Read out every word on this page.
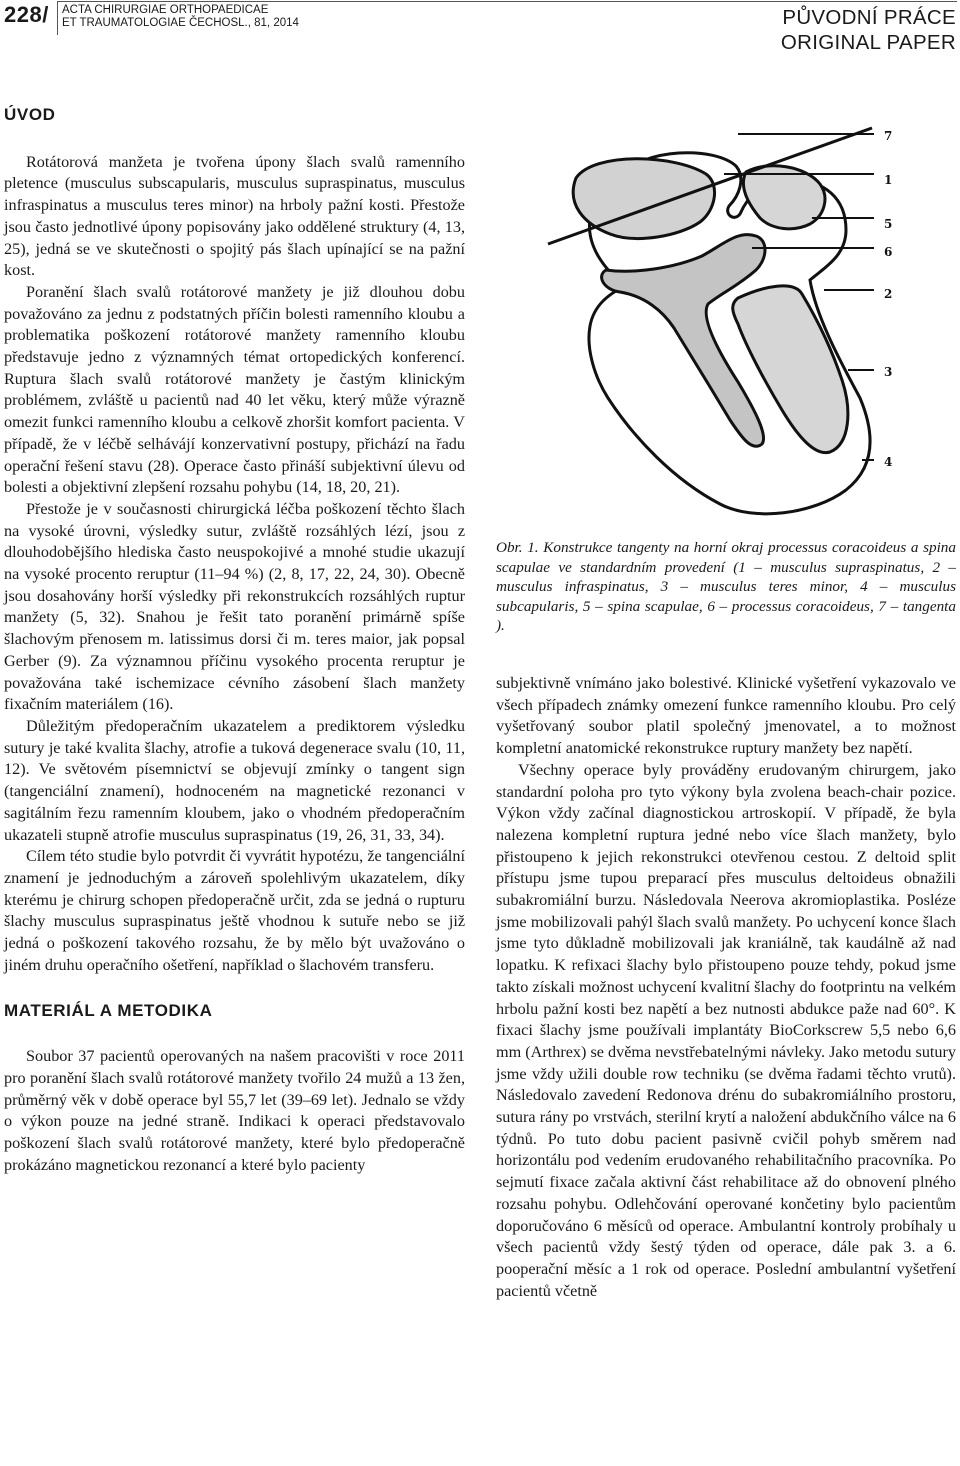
228/ ACTA CHIRURGIAE ORTHOPAEDICAE
ET TRAUMATOLOGIAE ČECHOSL., 81, 2014	PŮVODNÍ PRÁCE
ORIGINAL PAPER
ÚVOD

Rotátorová manžeta je tvořena úpony šlach svalů ramenního pletence (musculus subscapularis, musculus supraspinatus, musculus infraspinatus a musculus teres minor) na hrboly pažní kosti. Přestože jsou často jednotlivé úpony popisovány jako oddělené struktury (4, 13, 25), jedná se ve skutečnosti o spojitý pás šlach upínající se na pažní kost.

Poranění šlach svalů rotátorové manžety je již dlouhou dobu považováno za jednu z podstatných příčin bolesti ramenního kloubu a problematika poškození rotátorové manžety ramenního kloubu představuje jedno z významných témat ortopedických konferencí. Ruptura šlach svalů rotátorové manžety je častým klinickým problémem, zvláště u pacientů nad 40 let věku, který může výrazně omezit funkci ramenního kloubu a celkově zhoršit komfort pacienta. V případě, že v léčbě selhávájí konzervativní postupy, přichází na řadu operační řešení stavu (28). Operace často přináší subjektivní úlevu od bolesti a objektivní zlepšení rozsahu pohybu (14, 18, 20, 21).

Přestože je v současnosti chirurgická léčba poškození těchto šlach na vysoké úrovni, výsledky sutur, zvláště rozsáhlých lézí, jsou z dlouhodobějšího hlediska často neuspokojivé a mnohé studie ukazují na vysoké procento reruptur (11–94 %) (2, 8, 17, 22, 24, 30). Obecně jsou dosahovány horší výsledky při rekonstrukcích rozsáhlých ruptur manžety (5, 32). Snahou je řešit tato poranění primárně spíše šlachovým přenosem m. latissimus dorsi či m. teres maior, jak popsal Gerber (9). Za významnou příčinu vysokého procenta reruptur je považována také ischemizace cévního zásobení šlach manžety fixačním materiálem (16).

Důležitým předoperačním ukazatelem a prediktorem výsledku sutury je také kvalita šlachy, atrofie a tuková degenerace svalu (10, 11, 12). Ve světovém písemnictví se objevují zmínky o tangent sign (tangenciální znamení), hodnoceném na magnetické rezonanci v sagitálním řezu ramenním kloubem, jako o vhodném předoperačním ukazateli stupně atrofie musculus supraspinatus (19, 26, 31, 33, 34).

Cílem této studie bylo potvrdit či vyvrátit hypotézu, že tangenciální znamení je jednoduchým a zároveň spolehlivým ukazatelem, díky kterému je chirurg schopen předoperačně určit, zda se jedná o rupturu šlachy musculus supraspinatus ještě vhodnou k sutuře nebo se již jedná o poškození takového rozsahu, že by mělo být uvažováno o jiném druhu operačního ošetření, například o šlachovém transferu.

MATERIÁL A METODIKA

Soubor 37 pacientů operovaných na našem pracovišti v roce 2011 pro poranění šlach svalů rotátorové manžety tvořilo 24 mužů a 13 žen, průměrný věk v době operace byl 55,7 let (39–69 let). Jednalo se vždy o výkon pouze na jedné straně. Indikaci k operaci představovalo poškození šlach svalů rotátorové manžety, které bylo předoperačně prokázáno magnetickou rezonancí a které bylo pacienty

7
1
5
6
2
3
4
Obr. 1. Konstrukce tangenty na horní okraj processus coracoideus a spina scapulae ve standardním provedení (1 – musculus supraspinatus, 2 – musculus infraspinatus, 3 – musculus teres minor, 4 – musculus subcapularis, 5 – spina scapulae, 6 – processus coracoideus, 7 – tangenta ).

subjektivně vnímáno jako bolestivé. Klinické vyšetření vykazovalo ve všech případech známky omezení funkce ramenního kloubu. Pro celý vyšetřovaný soubor platil společný jmenovatel, a to možnost kompletní anatomické rekonstrukce ruptury manžety bez napětí.

Všechny operace byly prováděny erudovaným chirurgem, jako standardní poloha pro tyto výkony byla zvolena beach-chair pozice. Výkon vždy začínal diagnostickou artroskopií. V případě, že byla nalezena kompletní ruptura jedné nebo více šlach manžety, bylo přistoupeno k jejich rekonstrukci otevřenou cestou. Z deltoid split přístupu jsme tupou preparací přes musculus deltoideus obnažili subakromiální burzu. Následovala Neerova akromioplastika. Posléze jsme mobilizovali pahýl šlach svalů manžety. Po uchycení konce šlach jsme tyto důkladně mobilizovali jak kraniálně, tak kaudálně až nad lopatku. K refixaci šlachy bylo přistoupeno pouze tehdy, pokud jsme takto získali možnost uchycení kvalitní šlachy do footprintu na velkém hrbolu pažní kosti bez napětí a bez nutnosti abdukce paže nad 60°. K fixaci šlachy jsme používali implantáty BioCorkscrew 5,5 nebo 6,6 mm (Arthrex) se dvěma nevstřebatelnými návleky. Jako metodu sutury jsme vždy užili double row techniku (se dvěma řadami těchto vrutů). Následovalo zavedení Redonova drénu do subakromiálního prostoru, sutura rány po vrstvách, sterilní krytí a naložení abdukčního válce na 6 týdnů. Po tuto dobu pacient pasivně cvičil pohyb směrem nad horizontálu pod vedením erudovaného rehabilitačního pracovníka. Po sejmutí fixace začala aktivní část rehabilitace až do obnovení plného rozsahu pohybu. Odlehčování operované končetiny bylo pacientům doporučováno 6 měsíců od operace. Ambulantní kontroly probíhaly u všech pacientů vždy šestý týden od operace, dále pak 3. a 6. pooperační měsíc a 1 rok od operace. Poslední ambulantní vyšetření pacientů včetně
